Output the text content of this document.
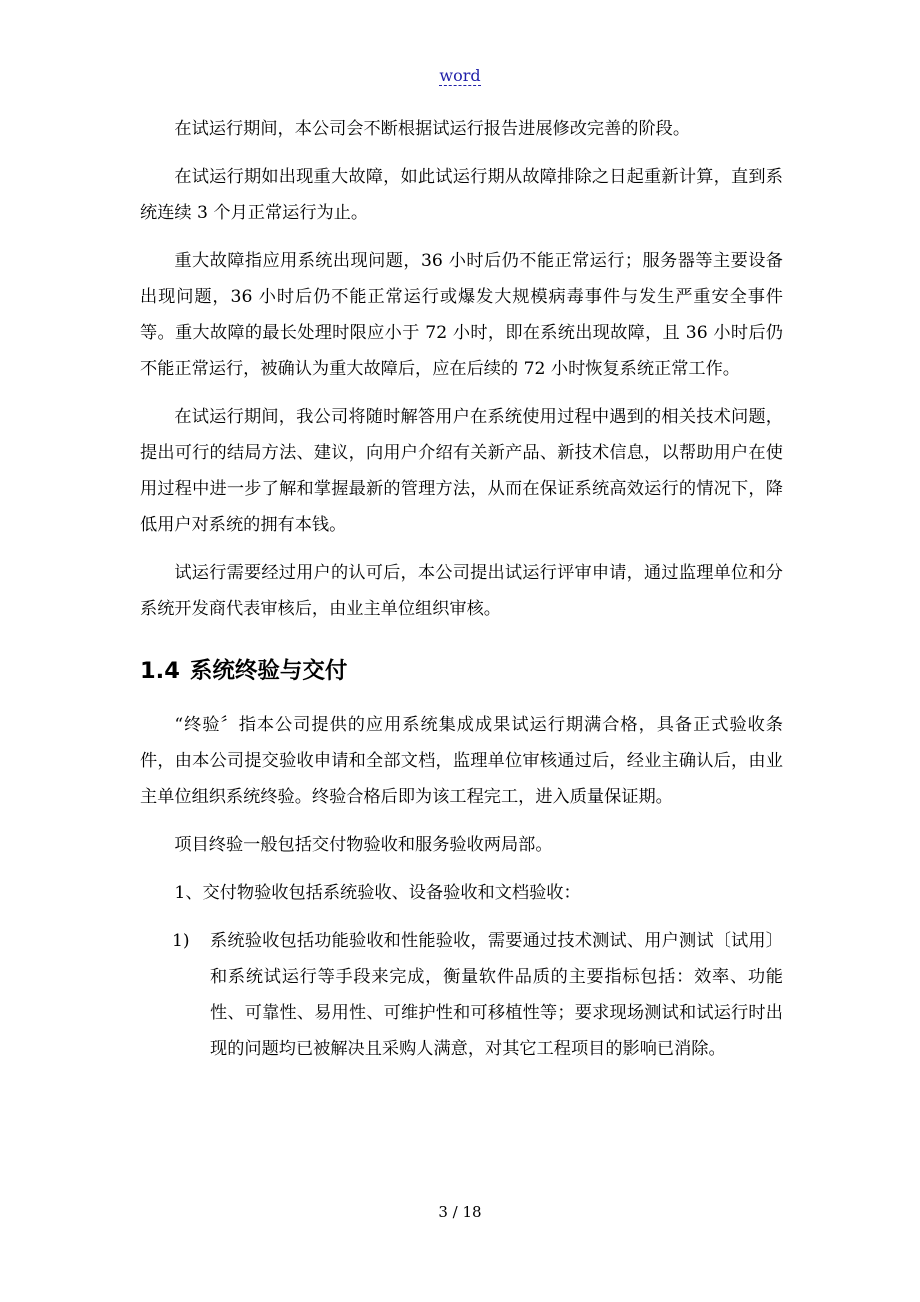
word

在试运行期间，本公司会不断根据试运行报告进展修改完善的阶段。

在试运行期如出现重大故障，如此试运行期从故障排除之日起重新计算，直到系统连续 3 个月正常运行为止。

重大故障指应用系统出现问题，36 小时后仍不能正常运行；服务器等主要设备出现问题，36 小时后仍不能正常运行或爆发大规模病毒事件与发生严重安全事件等。重大故障的最长处理时限应小于 72 小时，即在系统出现故障，且 36 小时后仍不能正常运行，被确认为重大故障后，应在后续的 72 小时恢复系统正常工作。

在试运行期间，我公司将随时解答用户在系统使用过程中遇到的相关技术问题，提出可行的结局方法、建议，向用户介绍有关新产品、新技术信息，以帮助用户在使用过程中进一步了解和掌握最新的管理方法，从而在保证系统高效运行的情况下，降低用户对系统的拥有本钱。

试运行需要经过用户的认可后，本公司提出试运行评审申请，通过监理单位和分系统开发商代表审核后，由业主单位组织审核。

1.4 系统终验与交付

“终验〞指本公司提供的应用系统集成成果试运行期满合格，具备正式验收条件，由本公司提交验收申请和全部文档，监理单位审核通过后，经业主确认后，由业主单位组织系统终验。终验合格后即为该工程完工，进入质量保证期。

项目终验一般包括交付物验收和服务验收两局部。

1、交付物验收包括系统验收、设备验收和文档验收：

1) 系统验收包括功能验收和性能验收，需要通过技术测试、用户测试〔试用〕和系统试运行等手段来完成，衡量软件品质的主要指标包括：效率、功能性、可靠性、易用性、可维护性和可移植性等；要求现场测试和试运行时出现的问题均已被解决且采购人满意，对其它工程项目的影响已消除。

3 / 18
